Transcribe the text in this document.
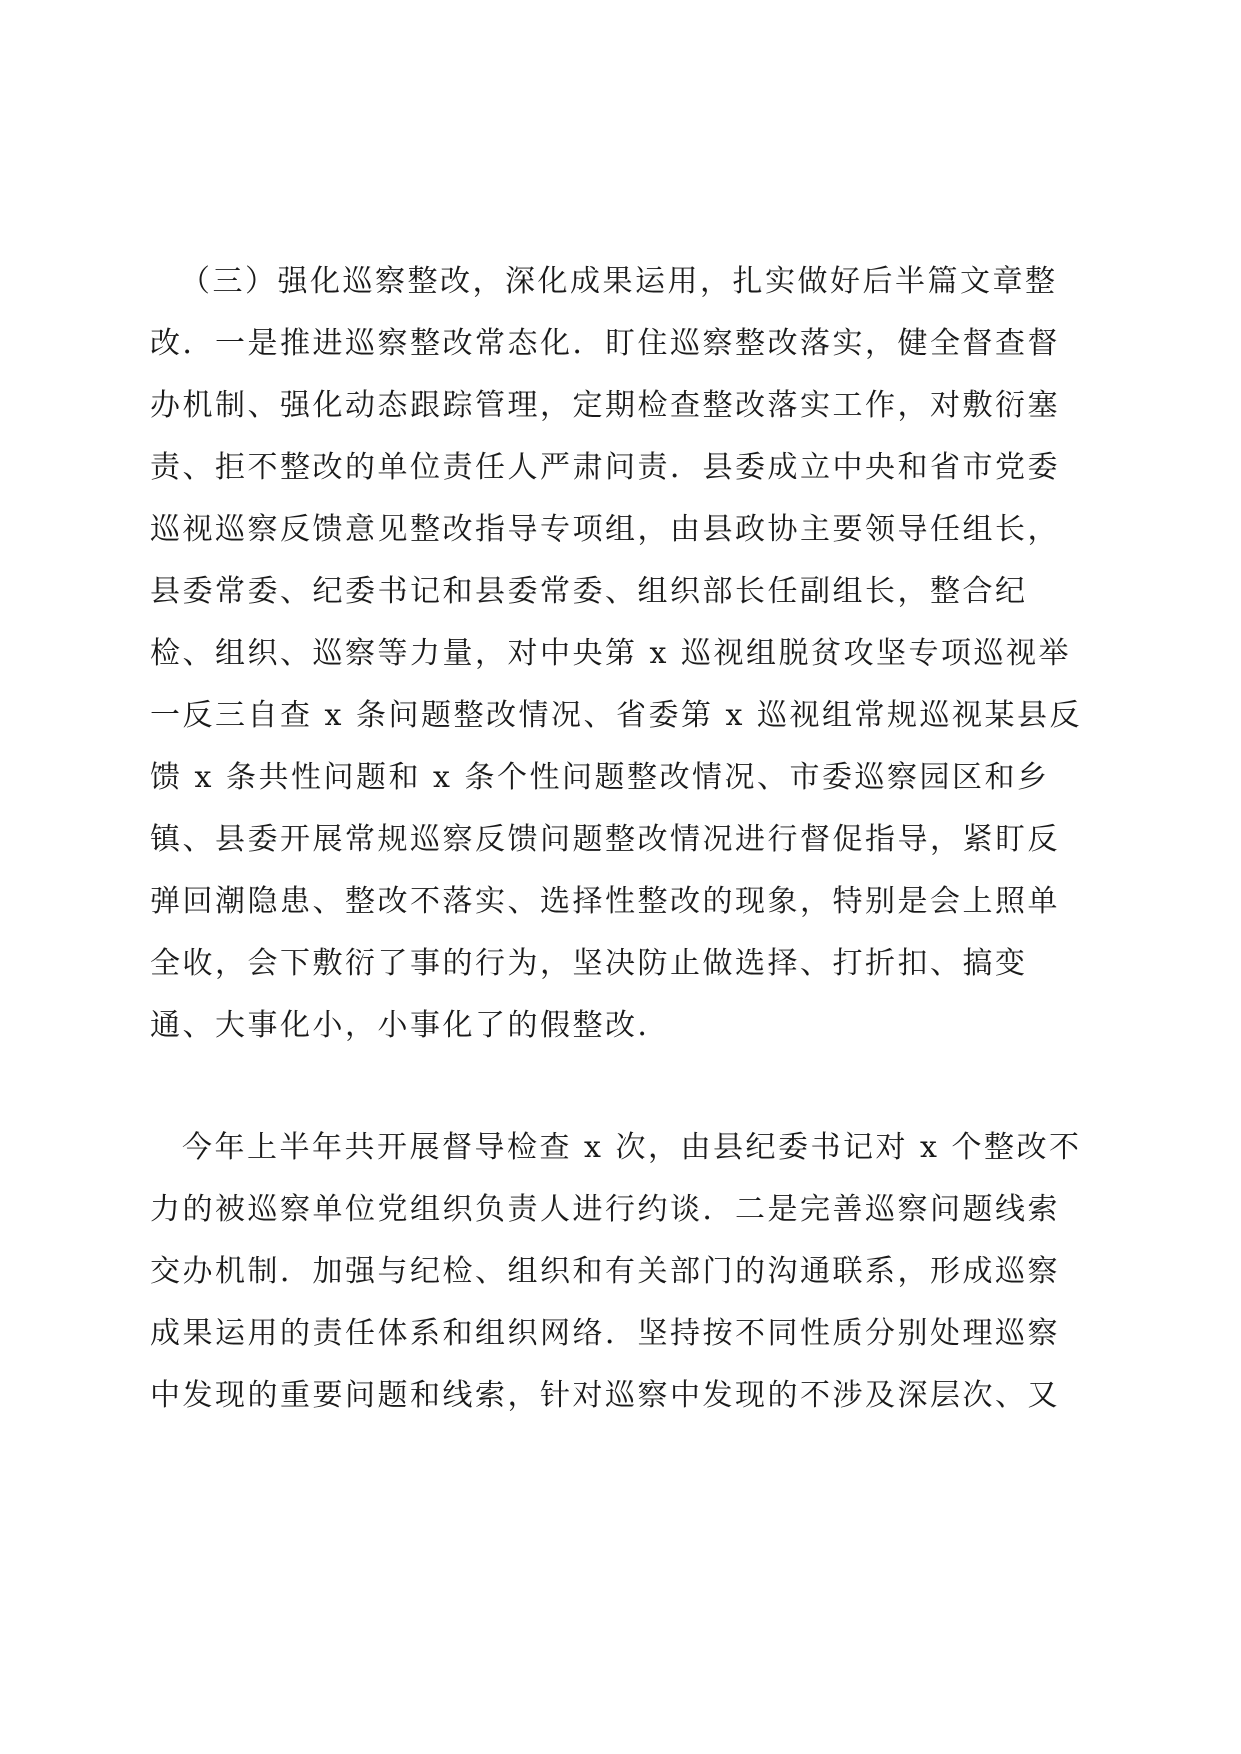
（三）强化巡察整改，深化成果运用，扎实做好后半篇文章整
改．一是推进巡察整改常态化．盯住巡察整改落实，健全督查督
办机制、强化动态跟踪管理，定期检查整改落实工作，对敷衍塞
责、拒不整改的单位责任人严肃问责．县委成立中央和省市党委
巡视巡察反馈意见整改指导专项组，由县政协主要领导任组长，
县委常委、纪委书记和县委常委、组织部长任副组长，整合纪
检、组织、巡察等力量，对中央第 x 巡视组脱贫攻坚专项巡视举
一反三自查 x 条问题整改情况、省委第 x 巡视组常规巡视某县反
馈 x 条共性问题和 x 条个性问题整改情况、市委巡察园区和乡
镇、县委开展常规巡察反馈问题整改情况进行督促指导，紧盯反
弹回潮隐患、整改不落实、选择性整改的现象，特别是会上照单
全收，会下敷衍了事的行为，坚决防止做选择、打折扣、搞变
通、大事化小，小事化了的假整改．
今年上半年共开展督导检查 x 次，由县纪委书记对 x 个整改不
力的被巡察单位党组织负责人进行约谈．二是完善巡察问题线索
交办机制．加强与纪检、组织和有关部门的沟通联系，形成巡察
成果运用的责任体系和组织网络．坚持按不同性质分别处理巡察
中发现的重要问题和线索，针对巡察中发现的不涉及深层次、又
